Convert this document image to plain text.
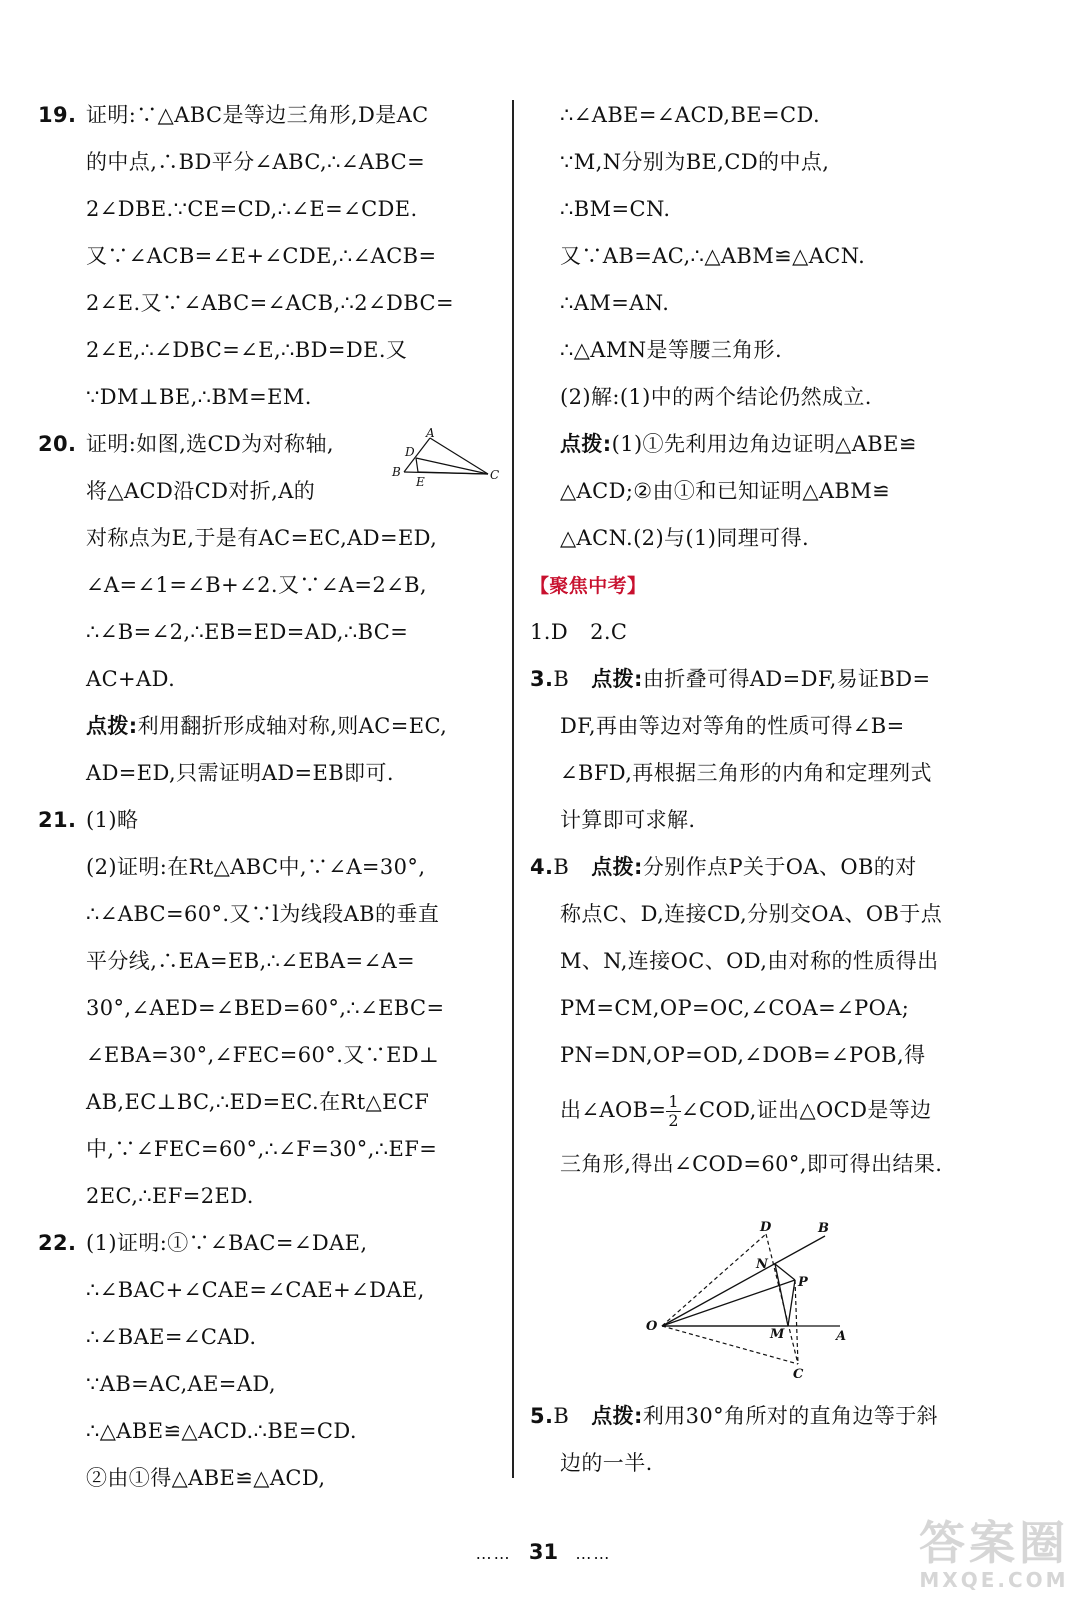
19. 证明:∵△ABC是等边三角形,D是AC
的中点,∴BD平分∠ABC,∴∠ABC=
2∠DBE.∵CE=CD,∴∠E=∠CDE.
又∵∠ACB=∠E+∠CDE,∴∠ACB=
2∠E.又∵∠ABC=∠ACB,∴2∠DBC=
2∠E,∴∠DBC=∠E,∴BD=DE.又
∵DM⊥BE,∴BM=EM.
20. 证明:如图,选CD为对称轴,
将△ACD沿CD对折,A的
对称点为E,于是有AC=EC,AD=ED,
∠A=∠1=∠B+∠2.又∵∠A=2∠B,
∴∠B=∠2,∴EB=ED=AD,∴BC=
AC+AD.
点拨:利用翻折形成轴对称,则AC=EC,
AD=ED,只需证明AD=EB即可.
21. (1)略
(2)证明:在Rt△ABC中,∵∠A=30°,
∴∠ABC=60°.又∵l为线段AB的垂直
平分线,∴EA=EB,∴∠EBA=∠A=
30°,∠AED=∠BED=60°,∴∠EBC=
∠EBA=30°,∠FEC=60°.又∵ED⊥
AB,EC⊥BC,∴ED=EC.在Rt△ECF
中,∵∠FEC=60°,∴∠F=30°,∴EF=
2EC,∴EF=2ED.
22. (1)证明:①∵∠BAC=∠DAE,
∴∠BAC+∠CAE=∠CAE+∠DAE,
∴∠BAE=∠CAD.
∵AB=AC,AE=AD,
∴△ABE≌△ACD.∴BE=CD.
②由①得△ABE≌△ACD,
A
B	C
D
E
∴∠ABE=∠ACD,BE=CD.
∵M,N分别为BE,CD的中点,
∴BM=CN.
又∵AB=AC,∴△ABM≌△ACN.
∴AM=AN.
∴△AMN是等腰三角形.
(2)解:(1)中的两个结论仍然成立.
点拨:(1)①先利用边角边证明△ABE≌
△ACD;②由①和已知证明△ABM≌
△ACN.(2)与(1)同理可得.
【聚焦中考】
1.D 2.C
3.B 点拨:由折叠可得AD=DF,易证BD=
DF,再由等边对等角的性质可得∠B=
∠BFD,再根据三角形的内角和定理列式
计算即可求解.
4.B 点拨:分别作点P关于OA、OB的对
称点C、D,连接CD,分别交OA、OB于点
M、N,连接OC、OD,由对称的性质得出
PM=CM,OP=OC,∠COA=∠POA;
PN=DN,OP=OD,∠DOB=∠POB,得
出∠AOB= $\frac{1}{2}$ ∠COD,证出△OCD是等边
三角形,得出∠COD=60°,即可得出结果.
O
A
B
C
D
M
N
P
5.B 点拨:利用30°角所对的直角边等于斜
边的一半.
…… 31 ……	答案圈
MXQE.COM
